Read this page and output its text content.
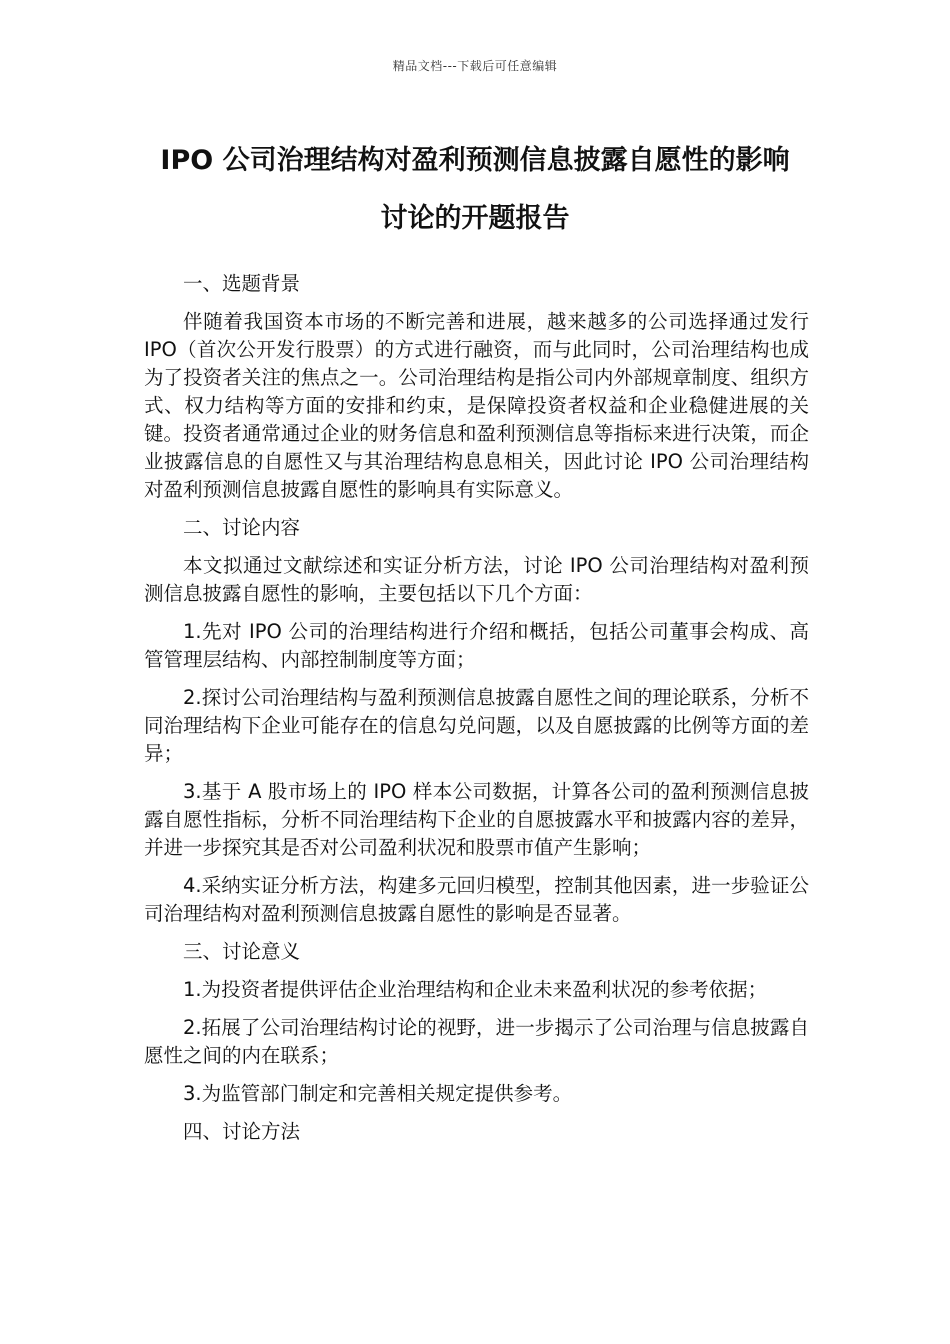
精品文档---下载后可任意编辑
IPO 公司治理结构对盈利预测信息披露自愿性的影响
讨论的开题报告

一、选题背景

伴随着我国资本市场的不断完善和进展，越来越多的公司选择通过发行 IPO（首次公开发行股票）的方式进行融资，而与此同时，公司治理结构也成为了投资者关注的焦点之一。公司治理结构是指公司内外部规章制度、组织方式、权力结构等方面的安排和约束，是保障投资者权益和企业稳健进展的关键。投资者通常通过企业的财务信息和盈利预测信息等指标来进行决策，而企业披露信息的自愿性又与其治理结构息息相关，因此讨论 IPO 公司治理结构对盈利预测信息披露自愿性的影响具有实际意义。

二、讨论内容

本文拟通过文献综述和实证分析方法，讨论 IPO 公司治理结构对盈利预测信息披露自愿性的影响，主要包括以下几个方面：

1.先对 IPO 公司的治理结构进行介绍和概括，包括公司董事会构成、高管管理层结构、内部控制制度等方面；

2.探讨公司治理结构与盈利预测信息披露自愿性之间的理论联系，分析不同治理结构下企业可能存在的信息勾兑问题，以及自愿披露的比例等方面的差异；

3.基于 A 股市场上的 IPO 样本公司数据，计算各公司的盈利预测信息披露自愿性指标，分析不同治理结构下企业的自愿披露水平和披露内容的差异，并进一步探究其是否对公司盈利状况和股票市值产生影响；

4.采纳实证分析方法，构建多元回归模型，控制其他因素，进一步验证公司治理结构对盈利预测信息披露自愿性的影响是否显著。

三、讨论意义

1.为投资者提供评估企业治理结构和企业未来盈利状况的参考依据；

2.拓展了公司治理结构讨论的视野，进一步揭示了公司治理与信息披露自愿性之间的内在联系；

3.为监管部门制定和完善相关规定提供参考。

四、讨论方法
